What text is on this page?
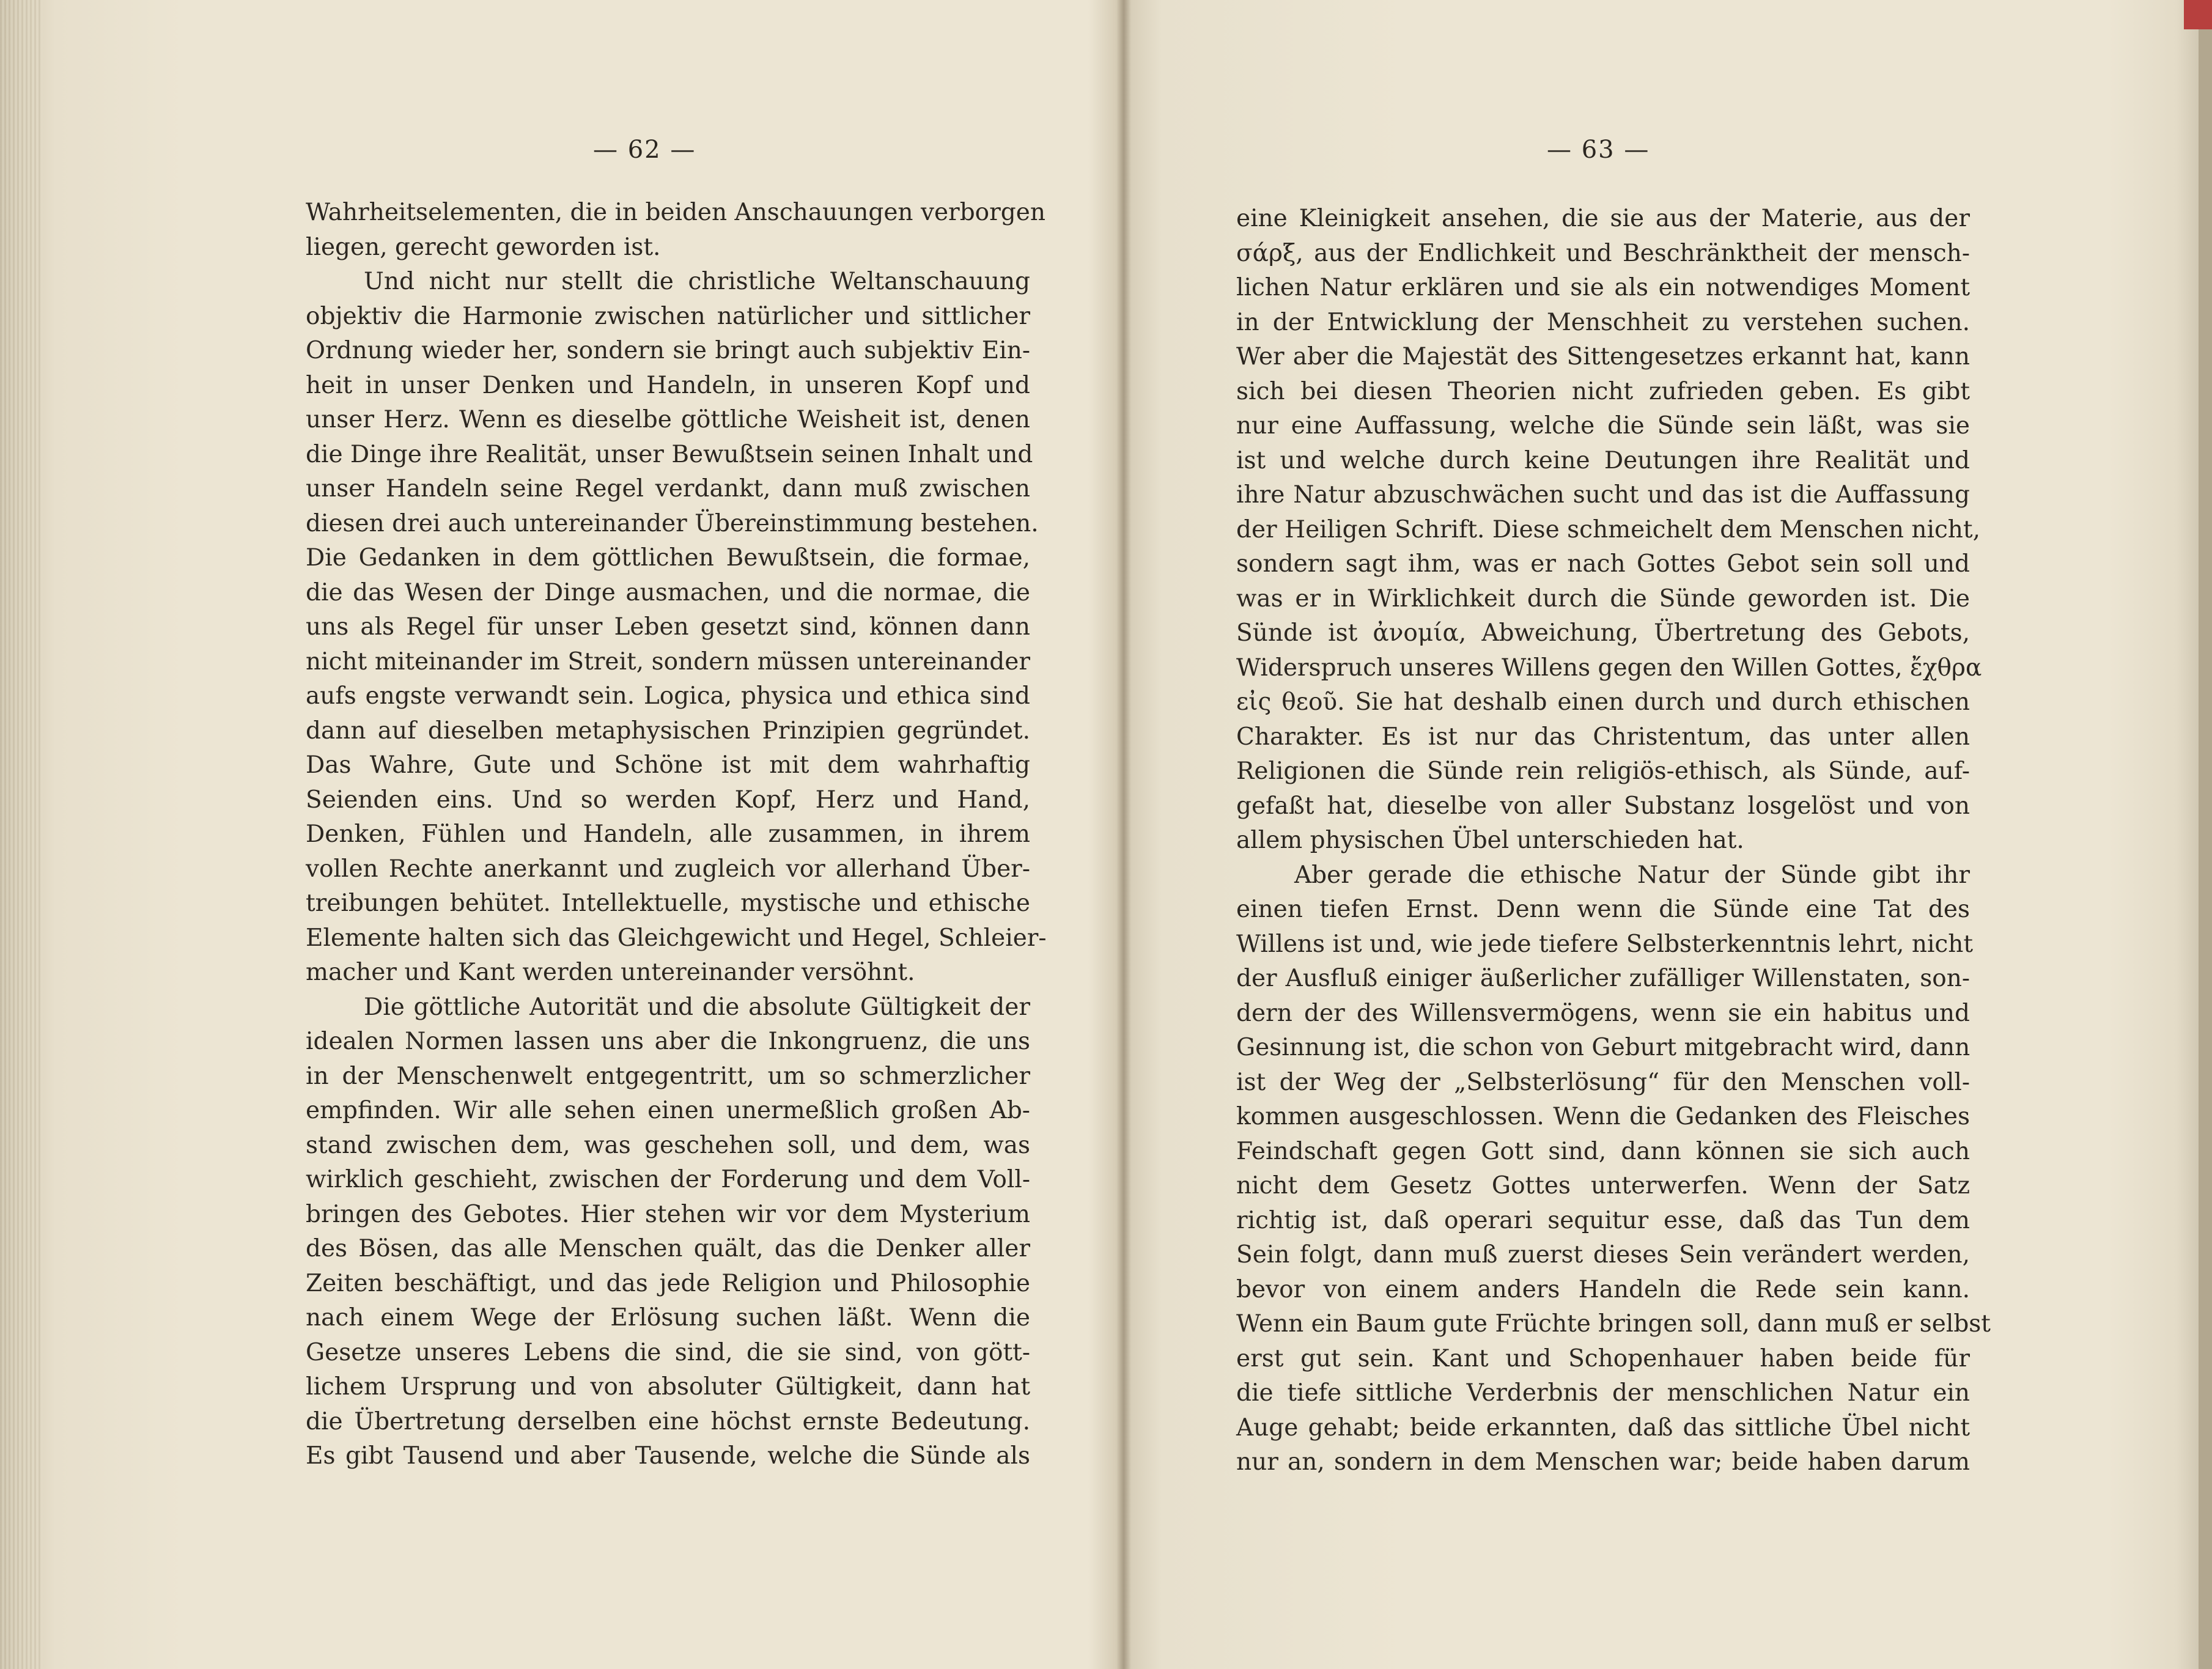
— 62 —
Wahrheitselementen, die in beiden Anschauungen verborgen
liegen, gerecht geworden ist.
Und nicht nur stellt die christliche Weltanschauung
objektiv die Harmonie zwischen natürlicher und sittlicher
Ordnung wieder her, sondern sie bringt auch subjektiv Ein-
heit in unser Denken und Handeln, in unseren Kopf und
unser Herz. Wenn es dieselbe göttliche Weisheit ist, denen
die Dinge ihre Realität, unser Bewußtsein seinen Inhalt und
unser Handeln seine Regel verdankt, dann muß zwischen
diesen drei auch untereinander Übereinstimmung bestehen.
Die Gedanken in dem göttlichen Bewußtsein, die formae,
die das Wesen der Dinge ausmachen, und die normae, die
uns als Regel für unser Leben gesetzt sind, können dann
nicht miteinander im Streit, sondern müssen untereinander
aufs engste verwandt sein. Logica, physica und ethica sind
dann auf dieselben metaphysischen Prinzipien gegründet.
Das Wahre, Gute und Schöne ist mit dem wahrhaftig
Seienden eins. Und so werden Kopf, Herz und Hand,
Denken, Fühlen und Handeln, alle zusammen, in ihrem
vollen Rechte anerkannt und zugleich vor allerhand Über-
treibungen behütet. Intellektuelle, mystische und ethische
Elemente halten sich das Gleichgewicht und Hegel, Schleier-
macher und Kant werden untereinander versöhnt.
Die göttliche Autorität und die absolute Gültigkeit der
idealen Normen lassen uns aber die Inkongruenz, die uns
in der Menschenwelt entgegentritt, um so schmerzlicher
empfinden. Wir alle sehen einen unermeßlich großen Ab-
stand zwischen dem, was geschehen soll, und dem, was
wirklich geschieht, zwischen der Forderung und dem Voll-
bringen des Gebotes. Hier stehen wir vor dem Mysterium
des Bösen, das alle Menschen quält, das die Denker aller
Zeiten beschäftigt, und das jede Religion und Philosophie
nach einem Wege der Erlösung suchen läßt. Wenn die
Gesetze unseres Lebens die sind, die sie sind, von gött-
lichem Ursprung und von absoluter Gültigkeit, dann hat
die Übertretung derselben eine höchst ernste Bedeutung.
Es gibt Tausend und aber Tausende, welche die Sünde als
— 63 —
eine Kleinigkeit ansehen, die sie aus der Materie, aus der
σάρξ, aus der Endlichkeit und Beschränktheit der mensch-
lichen Natur erklären und sie als ein notwendiges Moment
in der Entwicklung der Menschheit zu verstehen suchen.
Wer aber die Majestät des Sittengesetzes erkannt hat, kann
sich bei diesen Theorien nicht zufrieden geben. Es gibt
nur eine Auffassung, welche die Sünde sein läßt, was sie
ist und welche durch keine Deutungen ihre Realität und
ihre Natur abzuschwächen sucht und das ist die Auffassung
der Heiligen Schrift. Diese schmeichelt dem Menschen nicht,
sondern sagt ihm, was er nach Gottes Gebot sein soll und
was er in Wirklichkeit durch die Sünde geworden ist. Die
Sünde ist ἀνομία, Abweichung, Übertretung des Gebots,
Widerspruch unseres Willens gegen den Willen Gottes, ἔχθρα
εἰς θεοῦ. Sie hat deshalb einen durch und durch ethischen
Charakter. Es ist nur das Christentum, das unter allen
Religionen die Sünde rein religiös-ethisch, als Sünde, auf-
gefaßt hat, dieselbe von aller Substanz losgelöst und von
allem physischen Übel unterschieden hat.
Aber gerade die ethische Natur der Sünde gibt ihr
einen tiefen Ernst. Denn wenn die Sünde eine Tat des
Willens ist und, wie jede tiefere Selbsterkenntnis lehrt, nicht
der Ausfluß einiger äußerlicher zufälliger Willenstaten, son-
dern der des Willensvermögens, wenn sie ein habitus und
Gesinnung ist, die schon von Geburt mitgebracht wird, dann
ist der Weg der „Selbsterlösung“ für den Menschen voll-
kommen ausgeschlossen. Wenn die Gedanken des Fleisches
Feindschaft gegen Gott sind, dann können sie sich auch
nicht dem Gesetz Gottes unterwerfen. Wenn der Satz
richtig ist, daß operari sequitur esse, daß das Tun dem
Sein folgt, dann muß zuerst dieses Sein verändert werden,
bevor von einem anders Handeln die Rede sein kann.
Wenn ein Baum gute Früchte bringen soll, dann muß er selbst
erst gut sein. Kant und Schopenhauer haben beide für
die tiefe sittliche Verderbnis der menschlichen Natur ein
Auge gehabt; beide erkannten, daß das sittliche Übel nicht
nur an, sondern in dem Menschen war; beide haben darum
